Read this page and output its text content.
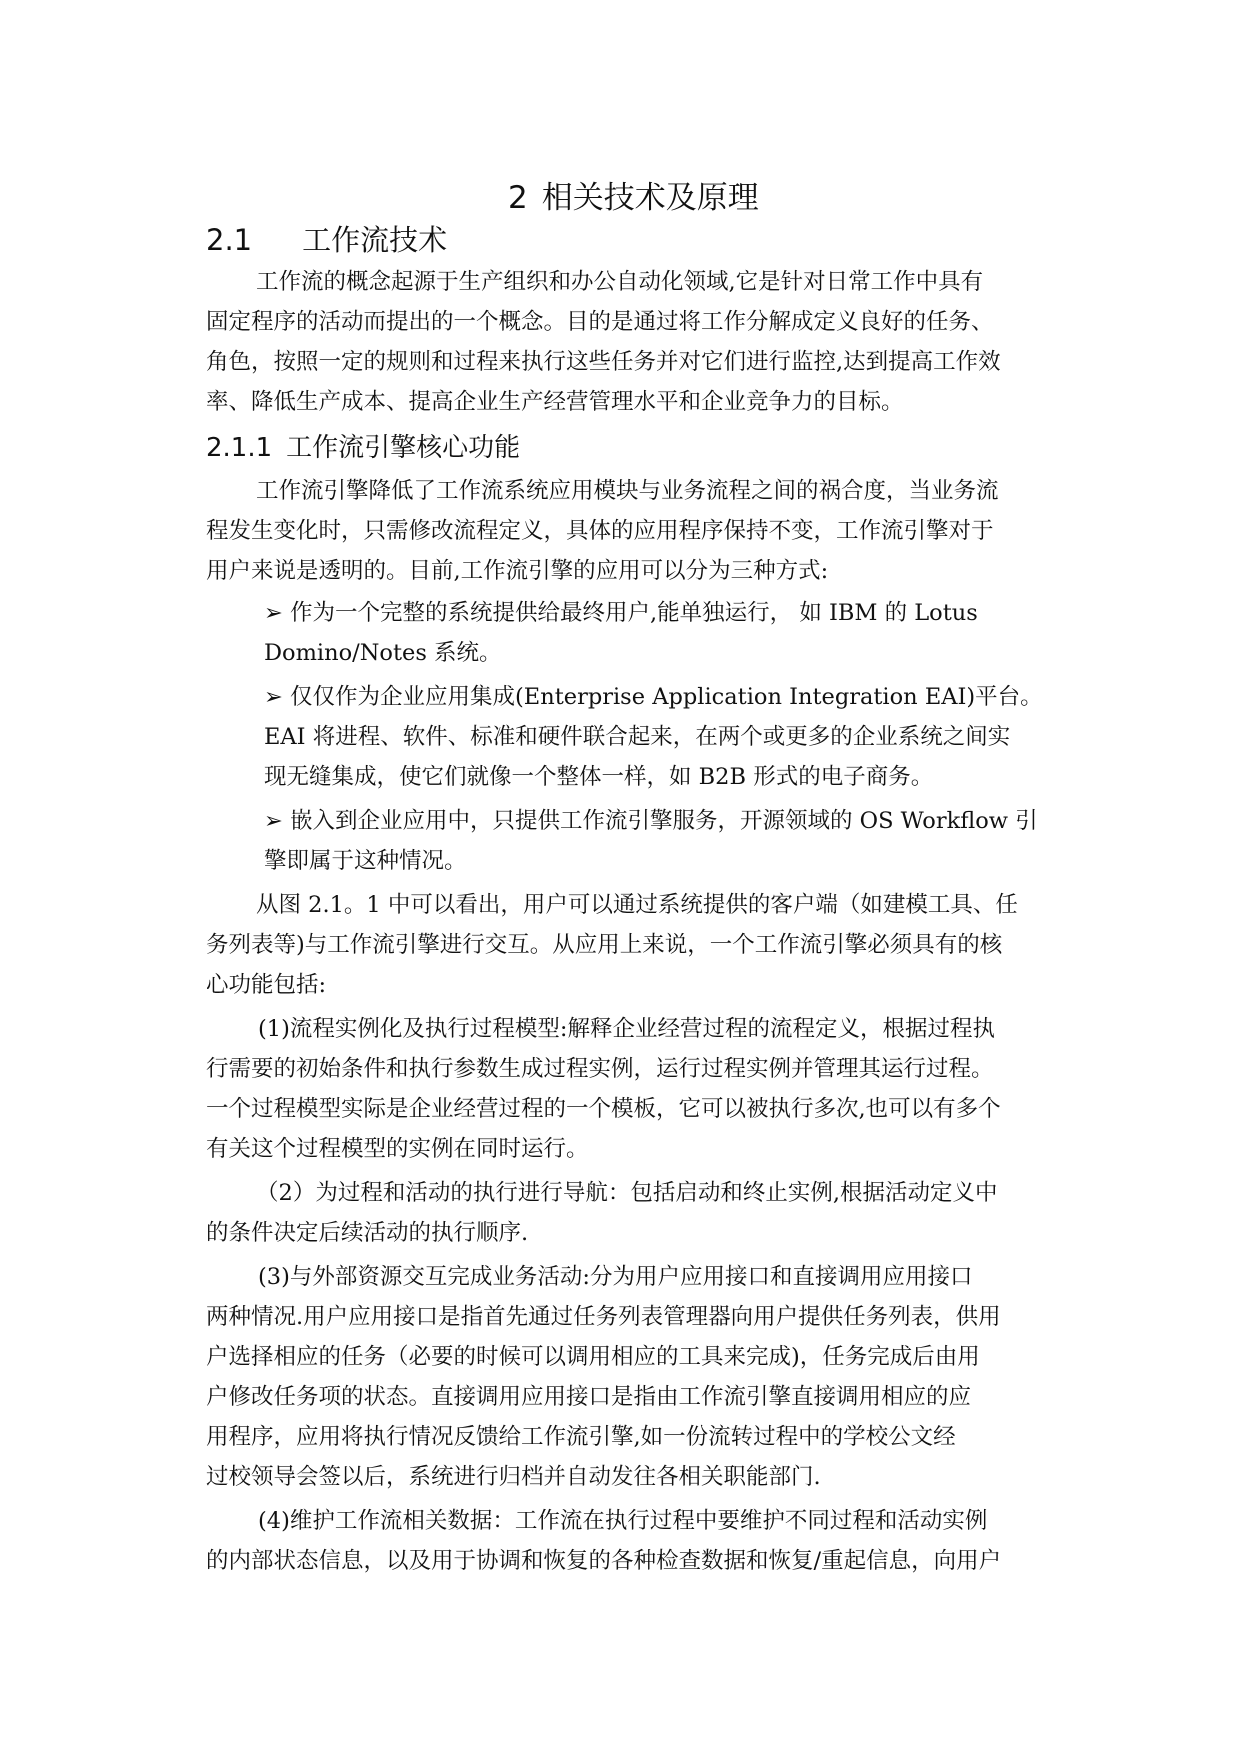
2 相关技术及原理
2.1 工作流技术
工作流的概念起源于生产组织和办公自动化领域,它是针对日常工作中具有
固定程序的活动而提出的一个概念。目的是通过将工作分解成定义良好的任务、
角色，按照一定的规则和过程来执行这些任务并对它们进行监控,达到提高工作效
率、降低生产成本、提高企业生产经营管理水平和企业竞争力的目标。
2.1.1 工作流引擎核心功能
工作流引擎降低了工作流系统应用模块与业务流程之间的祸合度，当业务流
程发生变化时，只需修改流程定义，具体的应用程序保持不变，工作流引擎对于
用户来说是透明的。目前,工作流引擎的应用可以分为三种方式:
➢ 作为一个完整的系统提供给最终用户,能单独运行， 如 IBM 的 Lotus
Domino/Notes 系统。
➢ 仅仅作为企业应用集成(Enterprise Application Integration EAI)平台。
EAI 将进程、软件、标准和硬件联合起来，在两个或更多的企业系统之间实
现无缝集成，使它们就像一个整体一样，如 B2B 形式的电子商务。
➢ 嵌入到企业应用中，只提供工作流引擎服务，开源领域的 OS Workflow 引
擎即属于这种情况。
从图 2.1。1 中可以看出，用户可以通过系统提供的客户端（如建模工具、任
务列表等)与工作流引擎进行交互。从应用上来说，一个工作流引擎必须具有的核
心功能包括:
(1)流程实例化及执行过程模型:解释企业经营过程的流程定义，根据过程执
行需要的初始条件和执行参数生成过程实例，运行过程实例并管理其运行过程。
一个过程模型实际是企业经营过程的一个模板，它可以被执行多次,也可以有多个
有关这个过程模型的实例在同时运行。
（2）为过程和活动的执行进行导航：包括启动和终止实例,根据活动定义中
的条件决定后续活动的执行顺序.
(3)与外部资源交互完成业务活动:分为用户应用接口和直接调用应用接口
两种情况.用户应用接口是指首先通过任务列表管理器向用户提供任务列表，供用
户选择相应的任务（必要的时候可以调用相应的工具来完成)，任务完成后由用
户修改任务项的状态。直接调用应用接口是指由工作流引擎直接调用相应的应
用程序，应用将执行情况反馈给工作流引擎,如一份流转过程中的学校公文经
过校领导会签以后，系统进行归档并自动发往各相关职能部门.
(4)维护工作流相关数据：工作流在执行过程中要维护不同过程和活动实例
的内部状态信息，以及用于协调和恢复的各种检查数据和恢复/重起信息，向用户
